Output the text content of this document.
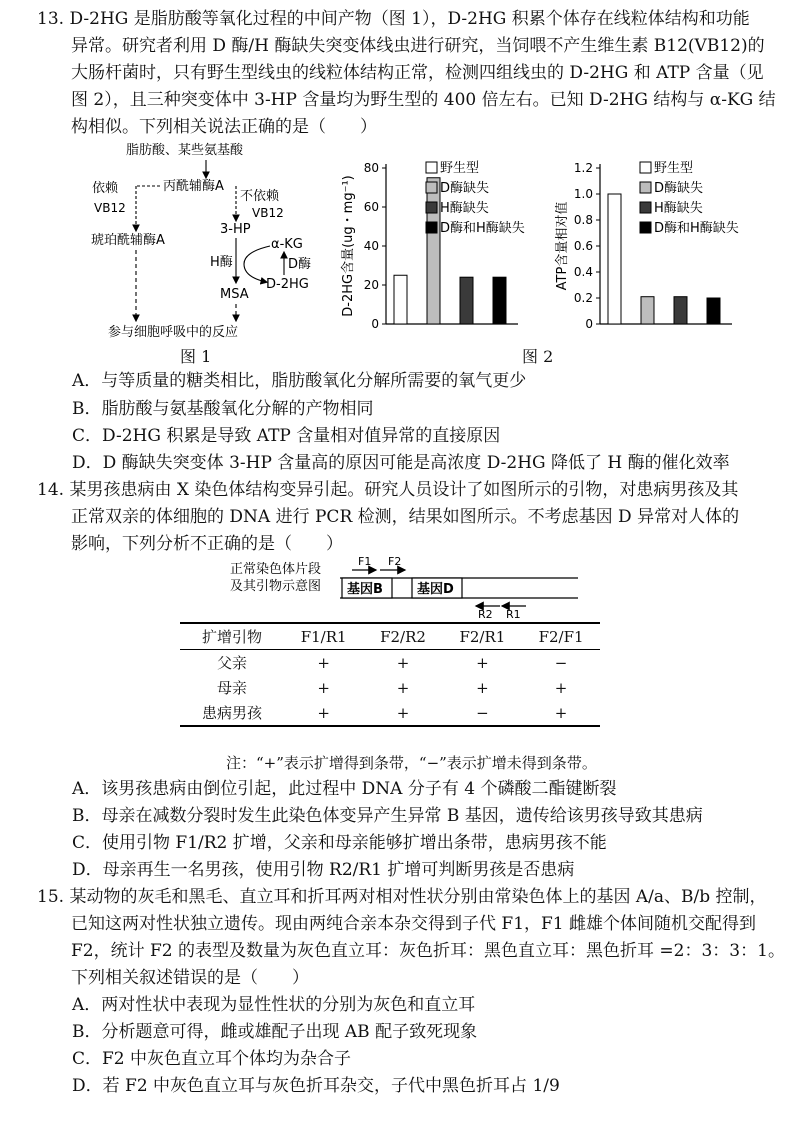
13. D-2HG 是脂肪酸等氧化过程的中间产物（图 1），D-2HG 积累个体存在线粒体结构和功能
异常。研究者利用 D 酶/H 酶缺失突变体线虫进行研究，当饲喂不产生维生素 B12(VB12)的
大肠杆菌时，只有野生型线虫的线粒体结构正常，检测四组线虫的 D-2HG 和 ATP 含量（见
图 2），且三种突变体中 3-HP 含量均为野生型的 400 倍左右。已知 D-2HG 结构与 α-KG 结
构相似。下列相关说法正确的是（　　）
脂肪酸、某些氨基酸
丙酰辅酶A
依赖
VB12
琥珀酰辅酶A
不依赖
VB12
3-HP
α-KG
H酶	D酶
D-2HG
MSA
参与细胞呼吸中的反应
图 1
0
20
40
60
80
D-2HG含量(ug・mg⁻¹)
野生型
D酶缺失
H酶缺失
D酶和H酶缺失
0
0.2
0.4
0.6
0.8
1.0
1.2
ATP含量相对值
野生型
D酶缺失
H酶缺失
D酶和H酶缺失
图 2
A．与等质量的糖类相比，脂肪酸氧化分解所需要的氧气更少
B．脂肪酸与氨基酸氧化分解的产物相同
C．D-2HG 积累是导致 ATP 含量相对值异常的直接原因
D．D 酶缺失突变体 3-HP 含量高的原因可能是高浓度 D-2HG 降低了 H 酶的催化效率
14. 某男孩患病由 X 染色体结构变异引起。研究人员设计了如图所示的引物，对患病男孩及其
正常双亲的体细胞的 DNA 进行 PCR 检测，结果如图所示。不考虑基因 D 异常对人体的
影响，下列分析不正确的是（　　）
正常染色体片段
及其引物示意图 基因B	基因D
F1 F2
R2 R1
扩增引物	F1/R1	F2/R2	F2/R1	F2/F1
父亲	+	+	+	−
母亲	+	+	+	+
患病男孩	+	+	−	+
注：“+”表示扩增得到条带，“−”表示扩增未得到条带。
A．该男孩患病由倒位引起，此过程中 DNA 分子有 4 个磷酸二酯键断裂
B．母亲在减数分裂时发生此染色体变异产生异常 B 基因，遗传给该男孩导致其患病
C．使用引物 F1/R2 扩增，父亲和母亲能够扩增出条带，患病男孩不能
D．母亲再生一名男孩，使用引物 R2/R1 扩增可判断男孩是否患病
15. 某动物的灰毛和黑毛、直立耳和折耳两对相对性状分别由常染色体上的基因 A/a、B/b 控制，
已知这两对性状独立遗传。现由两纯合亲本杂交得到子代 F1，F1 雌雄个体间随机交配得到
F2，统计 F2 的表型及数量为灰色直立耳：灰色折耳：黑色直立耳：黑色折耳 =2：3：3：1。
下列相关叙述错误的是（　　）
A．两对性状中表现为显性性状的分别为灰色和直立耳
B．分析题意可得，雌或雄配子出现 AB 配子致死现象
C．F2 中灰色直立耳个体均为杂合子
D．若 F2 中灰色直立耳与灰色折耳杂交，子代中黑色折耳占 1/9
